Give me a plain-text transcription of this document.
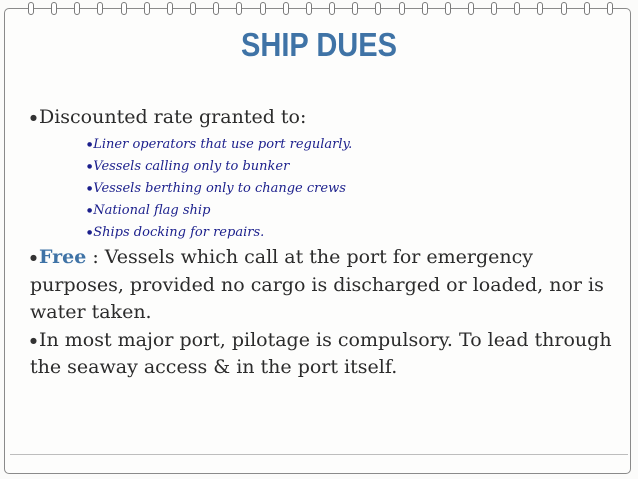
SHIP DUES
● Discounted rate granted to:
●Liner operators that use port regularly.
●Vessels calling only to bunker
●Vessels berthing only to change crews
●National flag ship
●Ships docking for repairs.
● Free : Vessels which call at the port for emergency purposes, provided no cargo is discharged or loaded, nor is water taken.
● In most major port, pilotage is compulsory. To lead through the seaway access & in the port itself.
